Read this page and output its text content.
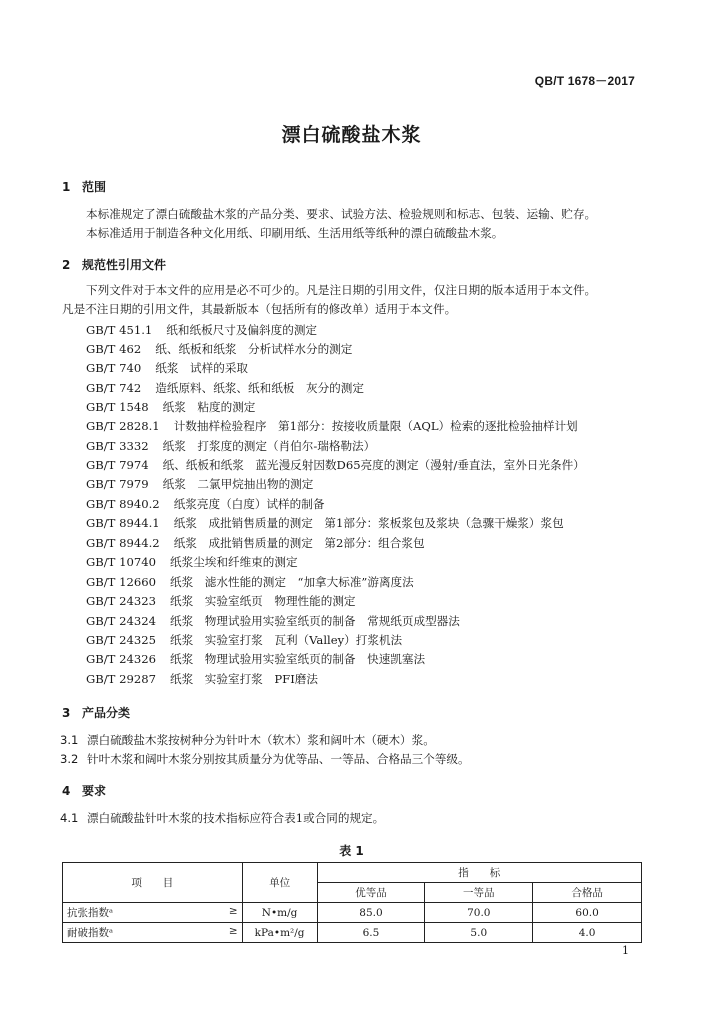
QB/T 1678－2017
漂白硫酸盐木浆
1 范围
本标准规定了漂白硫酸盐木浆的产品分类、要求、试验方法、检验规则和标志、包装、运输、贮存。
本标准适用于制造各种文化用纸、印刷用纸、生活用纸等纸种的漂白硫酸盐木浆。
2 规范性引用文件
下列文件对于本文件的应用是必不可少的。凡是注日期的引用文件，仅注日期的版本适用于本文件。
凡是不注日期的引用文件，其最新版本（包括所有的修改单）适用于本文件。
GB/T 451.1 纸和纸板尺寸及偏斜度的测定
GB/T 462 纸、纸板和纸浆　分析试样水分的测定
GB/T 740 纸浆　试样的采取
GB/T 742 造纸原料、纸浆、纸和纸板　灰分的测定
GB/T 1548 纸浆　粘度的测定
GB/T 2828.1 计数抽样检验程序　第1部分：按接收质量限（AQL）检索的逐批检验抽样计划
GB/T 3332 纸浆　打浆度的测定（肖伯尔-瑞格勒法）
GB/T 7974 纸、纸板和纸浆　蓝光漫反射因数D65亮度的测定（漫射/垂直法，室外日光条件）
GB/T 7979 纸浆　二氯甲烷抽出物的测定
GB/T 8940.2 纸浆亮度（白度）试样的制备
GB/T 8944.1 纸浆　成批销售质量的测定　第1部分：浆板浆包及浆块（急骤干燥浆）浆包
GB/T 8944.2 纸浆　成批销售质量的测定　第2部分：组合浆包
GB/T 10740 纸浆尘埃和纤维束的测定
GB/T 12660 纸浆　滤水性能的测定　“加拿大标准”游离度法
GB/T 24323 纸浆　实验室纸页　物理性能的测定
GB/T 24324 纸浆　物理试验用实验室纸页的制备　常规纸页成型器法
GB/T 24325 纸浆　实验室打浆　瓦利（Valley）打浆机法
GB/T 24326 纸浆　物理试验用实验室纸页的制备　快速凯塞法
GB/T 29287 纸浆　实验室打浆　PFI磨法
3 产品分类
3.1 漂白硫酸盐木浆按树种分为针叶木（软木）浆和阔叶木（硬木）浆。
3.2 针叶木浆和阔叶木浆分别按其质量分为优等品、一等品、合格品三个等级。
4 要求
4.1 漂白硫酸盐针叶木浆的技术指标应符合表1或合同的规定。
表 1
项　　目	单位	指　　标		
		优等品	一等品	合格品
抗张指数ᵃ ≥	N•m/g	85.0	70.0	60.0
耐破指数ᵃ ≥	kPa•m²/g	6.5	5.0	4.0
1
